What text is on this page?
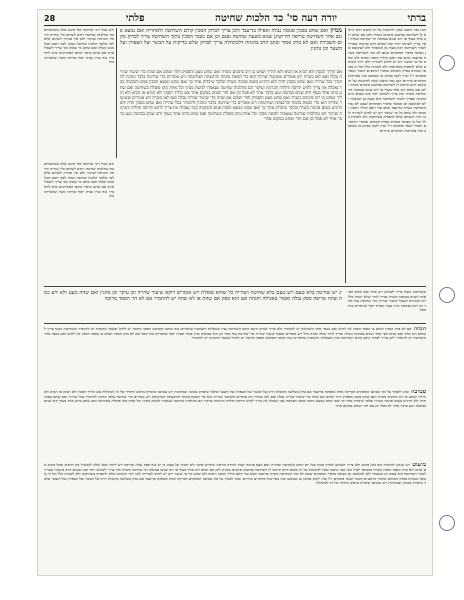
ברתי
יורה דעה סי' כד הלכות שחיטה
פלתי
28
הנה כבר כתבנו שאין להקשות על זה משום דהא קיימא לן דשחיטה במיעוט סימנים כשרה ולכן אם שחט רוב אחד בעוף או רוב שנים בבהמה הוי שחיטה כשרה ואין צריך לשחוט יותר ומה שכתב הרב בהגהה שצריך לגמור השחיטה הוא מצוה מן המובחר ולא לעיכובא וכן מבואר בדברי הפוסקים שאם לא גמר השחיטה כשרה בדיעבד וכתב עוד דאם הוליך הסכין והביא ולא שחט כל כך שיעור רוב יש לחוש לשהייה ולכן יזהר השוחט שלא להפסיק בשחיטתו ולא לשהות כלל וכל זה מבואר בגמרא בפרק השוחט ובדברי הרמב״ם והטור ושאר פוסקים ז״ל ועיין לקמן בסימן כג שכתבנו בזה באריכות והדברים ברורים הנה כבר כתבנו שאין להקשות על זה משום דהא קיימא לן דשחיטה במיעוט סימנים כשרה ולכן אם שחט רוב אחד בעוף או רוב שנים בבהמה הוי שחיטה כשרה ואין צריך לשחוט יותר ומה שכתב הרב בהגהה שצריך לגמור השחיטה הוא מצוה מן המובחר ולא לעיכובא וכן מבואר בדברי הפוסקים שאם לא גמר השחיטה כשרה בדיעבד וכתב עוד דאם הוליך הסכין והביא ולא שחט כל כך שיעור רוב יש לחוש לשהייה ולכן יזהר השוחט שלא להפסיק בשחיטתו ולא לשהות כלל וכל זה מבואר בגמרא בפרק השוחט ובדברי הרמב״ם והטור ושאר פוסקים ז״ל ועיין לקמן בסימן כג שכתבנו בזה באריכות והדברים ברורים
ודע שכל דיני שחיטה אלו אינם אלא כשהשוחט בקי בהלכות שחיטה ויודע לשחוט בלי שהייה ודרסה והגרמה ועיקור ולכן אין מניחין לשחוט אלא למי שלמד הלכות שחיטה ונבחן לפני חכם וקבל ממנו קבלה ואם שחט מי שאינו בקי צריך לשאול אותו אם שחט כראוי וכתבו האחרונים שיש להחמיר בזה ועיין בבית יוסף ובדרכי משה שהאריכו בזה
ממיון ואם שחט בסכין פגומה נבלה ואפילו בדיעבד ולכן צריך לבדוק הסכין קודם השחיטה ולאחריה ואם נמצא פגום אחר השחיטה טריפה דחיישינן שמא בשעת שחיטה נפגם וכן אם נשבר הסכין בתוך השחיטה צריך לבדוק מקום השבירה ואם לא בדק אסור וכתב הרב בהגהה דלכתחלה צריך לבדוק שלש בדיקות על הבשר ועל הצפורן ועל השער וכן נוהגין
אם הוליך הסכין ולא הביא או הביא ולא הוליך ושחט בו רוב סימנים כשרה ואם שחט מעט והפסיק וחזר ושחט אם שהה כדי שיעור שהייה נבלה ואם לאו כשרה ויש אומרים ששיעור שהייה הוא כדי הבאת בהמה והרבצתה ושחיטתה ויש אומרים כדי שחיטה בלבד ונוהגין להחמיר בכל שהייה ואם שחט בסכין חדה ולא הרגיש בשום פגימה כשרה ובלבד שיבדוק אחר כך ואם שחט ונמצא הסכין פגום והבהמה כבר נאכלה אין צריך לחוש ודרסה וחלדה והגרמה ועיקור הם מהלכות שחיטה שנאמרו למשה מסיני וכל אחת מהן פוסלת בשחיטה ואם שחט ברוב אחד בעוף ורוב שנים בבהמה ונגע בדבר אחר לא פסל וכן אם חזר ושחט במקום אחר אם הוליך הסכין ולא הביא או הביא ולא הוליך ושחט בו רוב סימנים כשרה ואם שחט מעט והפסיק וחזר ושחט אם שהה כדי שיעור שהייה נבלה ואם לאו כשרה ויש אומרים ששיעור שהייה הוא כדי הבאת בהמה והרבצתה ושחיטתה ויש אומרים כדי שחיטה בלבד ונוהגין להחמיר בכל שהייה ואם שחט בסכין חדה ולא הרגיש בשום פגימה כשרה ובלבד שיבדוק אחר כך ואם שחט ונמצא הסכין פגום והבהמה כבר נאכלה אין צריך לחוש ודרסה וחלדה והגרמה ועיקור הם מהלכות שחיטה שנאמרו למשה מסיני וכל אחת מהן פוסלת בשחיטה ואם שחט ברוב אחד בעוף ורוב שנים בבהמה ונגע בדבר אחר לא פסל וכן אם חזר ושחט במקום אחר
ודע שכל דיני שחיטה אלו אינם אלא כשהשוחט בקי בהלכות שחיטה ויודע לשחוט בלי שהייה ודרסה והגרמה ועיקור ולכן אין מניחין לשחוט אלא למי שלמד הלכות שחיטה ונבחן לפני חכם וקבל ממנו קבלה ואם שחט מי שאינו בקי צריך לשאול אותו אם שחט כראוי וכתבו האחרונים שיש להחמיר בזה ועיין בבית יוסף ובדרכי משה שהאריכו בזה
יג יש שחיטה בלא טעם ויש טעם בלא שחיטה ושהייה כל שהוא פוסלת ויש אומרים דוקא שיעור שהייה וכן עיקר וכן נוהגין ואם שהה מעט ולא ידע כמה שהה טריפה ספק נבלה ואסור באכילה והגהה אם הוא ספק אם שהה או לא שהה יש להחמיר אם לא הוי הפסד מרובה
ובשחיטת העוף צריך לשחוט רוב אחד ואם שחט חצי אחד ושנים בבהמה כשרה וצריך לזהר שלא ישהה כלל ויש אומרים דבעוף שיעור שהייה כדי שחיטת עוף אחר וכן הוא בבהמה ועיין בטור ובבית יוסף שהאריכו בזה מאד
הגהה אם לא בדק הסכין ושחט בו ונאבד הסכין אין לחוש ואם נשבר אחר השחיטה יש להחמיר ולכן צריך לבדוק היטב קודם השחיטה ועיין בשאלות ותשובות שהאריכו בזה וכתבו דבמקום הפסד מרובה יש להקל ובשאר מקומות יש להחמיר ובשחיטת העוף צריך לשחוט רוב אחד ואם שחט חצי אחד ושנים בבהמה כשרה וצריך לזהר שלא ישהה כלל ויש אומרים דבעוף שיעור שהייה כדי שחיטת עוף אחר וכן הוא בבהמה ועיין בטור ובבית יוסף שהאריכו בזה מאד אם לא בדק הסכין ושחט בו ונאבד הסכין אין לחוש ואם נשבר אחר השחיטה יש להחמיר ולכן צריך לבדוק היטב קודם השחיטה ועיין בשאלות ותשובות שהאריכו בזה וכתבו דבמקום הפסד מרובה יש להקל ובשאר מקומות יש להחמיר
סמיכה ונהגו לסמוך על מה שכתבו הפוסקים דבדיקה אחת מספקת בדיעבד אם בדק בשלשה מקומות היינו על הבשר ועל הצפורן ועל השער ובלבד שיבדוק בכוונה ובמתינות ויש שכתבו שיבדוק בראש החודד וכל זה לכתחלה אם הוליך הסכין ולא הביא או הביא ולא הוליך ושחט בו רוב סימנים כשרה ואם שחט מעט והפסיק וחזר ושחט אם שהה כדי שיעור שהייה נבלה ואם לאו כשרה ויש אומרים ששיעור שהייה הוא כדי הבאת בהמה והרבצתה ושחיטתה ויש אומרים כדי שחיטה בלבד ונוהגין להחמיר בכל שהייה ואם שחט בסכין חדה ולא הרגיש בשום פגימה כשרה ובלבד שיבדוק אחר כך ואם שחט ונמצא הסכין פגום והבהמה כבר נאכלה אין צריך לחוש ודרסה וחלדה והגרמה ועיקור הם מהלכות שחיטה שנאמרו למשה מסיני וכל אחת מהן פוסלת בשחיטה ואם שחט ברוב אחד בעוף ורוב שנים בבהמה ונגע בדבר אחר לא פסל וכן אם חזר ושחט במקום אחר
מיעוט ויש שנהגו להחמיר בזה בכל מקום ולכן צריך השוחט לבדוק סכינו בכל יום קודם השחיטה ואחריה ואם מצא פגימה יאמר למורה הוראה שיכריע בדבר ולא יסמוך על עצמו כי יש בזה ספק נבלה וטריפה ויש ליזהר מאד שלא להכשיל את הרבים ומכל מקום אם שחט ולא בדק ונאבד הסכין כשרה כמבואר לעיל הנה כבר כתבנו שאין להקשות על זה משום דהא קיימא לן דשחיטה במיעוט סימנים כשרה ולכן אם שחט רוב אחד בעוף או רוב שנים בבהמה הוי שחיטה כשרה ואין צריך לשחוט יותר ומה שכתב הרב בהגהה שצריך לגמור השחיטה הוא מצוה מן המובחר ולא לעיכובא וכן מבואר בדברי הפוסקים שאם לא גמר השחיטה כשרה בדיעבד וכתב עוד דאם הוליך הסכין והביא ולא שחט כל כך שיעור רוב יש לחוש לשהייה ולכן יזהר השוחט שלא להפסיק בשחיטתו ולא לשהות כלל וכל זה מבואר בגמרא בפרק השוחט ובדברי הרמב״ם והטור ושאר פוסקים ז״ל ועיין לקמן בסימן כג שכתבנו בזה באריכות והדברים ברורים ונהגו לסמוך על מה שכתבו הפוסקים דבדיקה אחת מספקת בדיעבד אם בדק בשלשה מקומות היינו על הבשר ועל הצפורן ועל השער ובלבד שיבדוק בכוונה ובמתינות ויש שכתבו שיבדוק בראש החודד וכל זה לכתחלה
